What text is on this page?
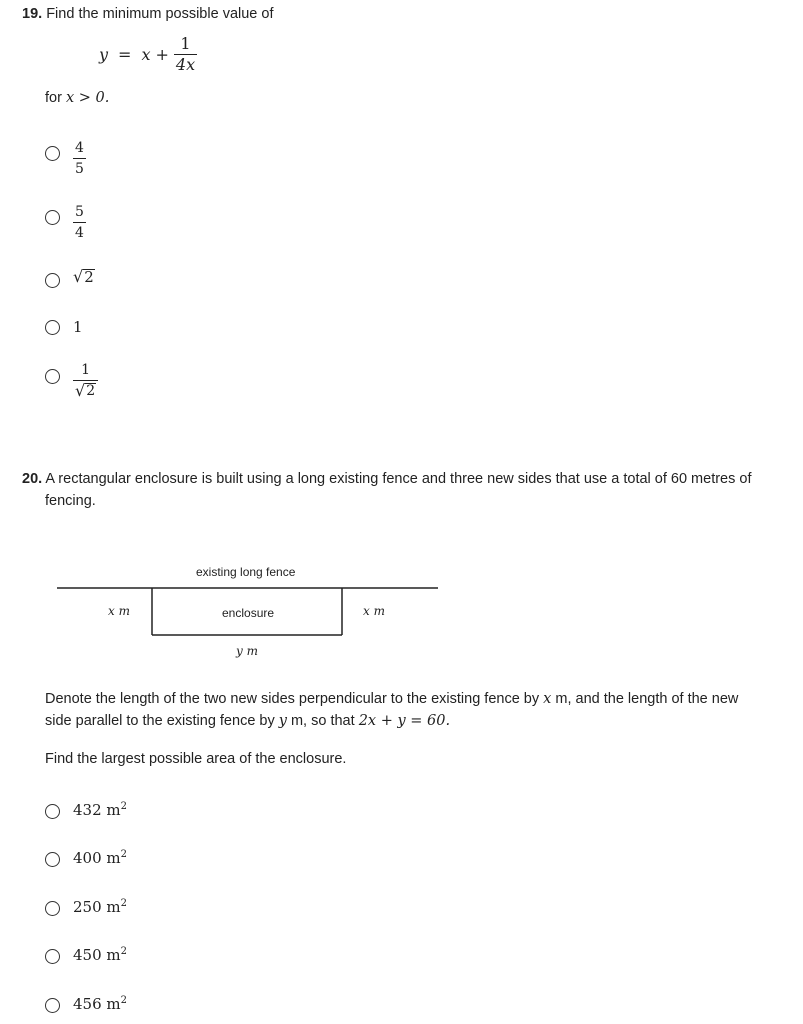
19. Find the minimum possible value of
$y = x + \frac{1}{4x}$
for x > 0.
4
5
5
4
√ 2
1
1
√ 2
20. A rectangular enclosure is built using a long existing fence and three new sides that use a total of 60 metres of
fencing.
existing long fence
x m	enclosure	x m
y m
Denote the length of the two new sides perpendicular to the existing fence by x m, and the length of the new
side parallel to the existing fence by y m, so that 2x + y = 60.
Find the largest possible area of the enclosure.
432 $m^2$
400 $m^2$
250 $m^2$
450 $m^2$
456 $m^2$
